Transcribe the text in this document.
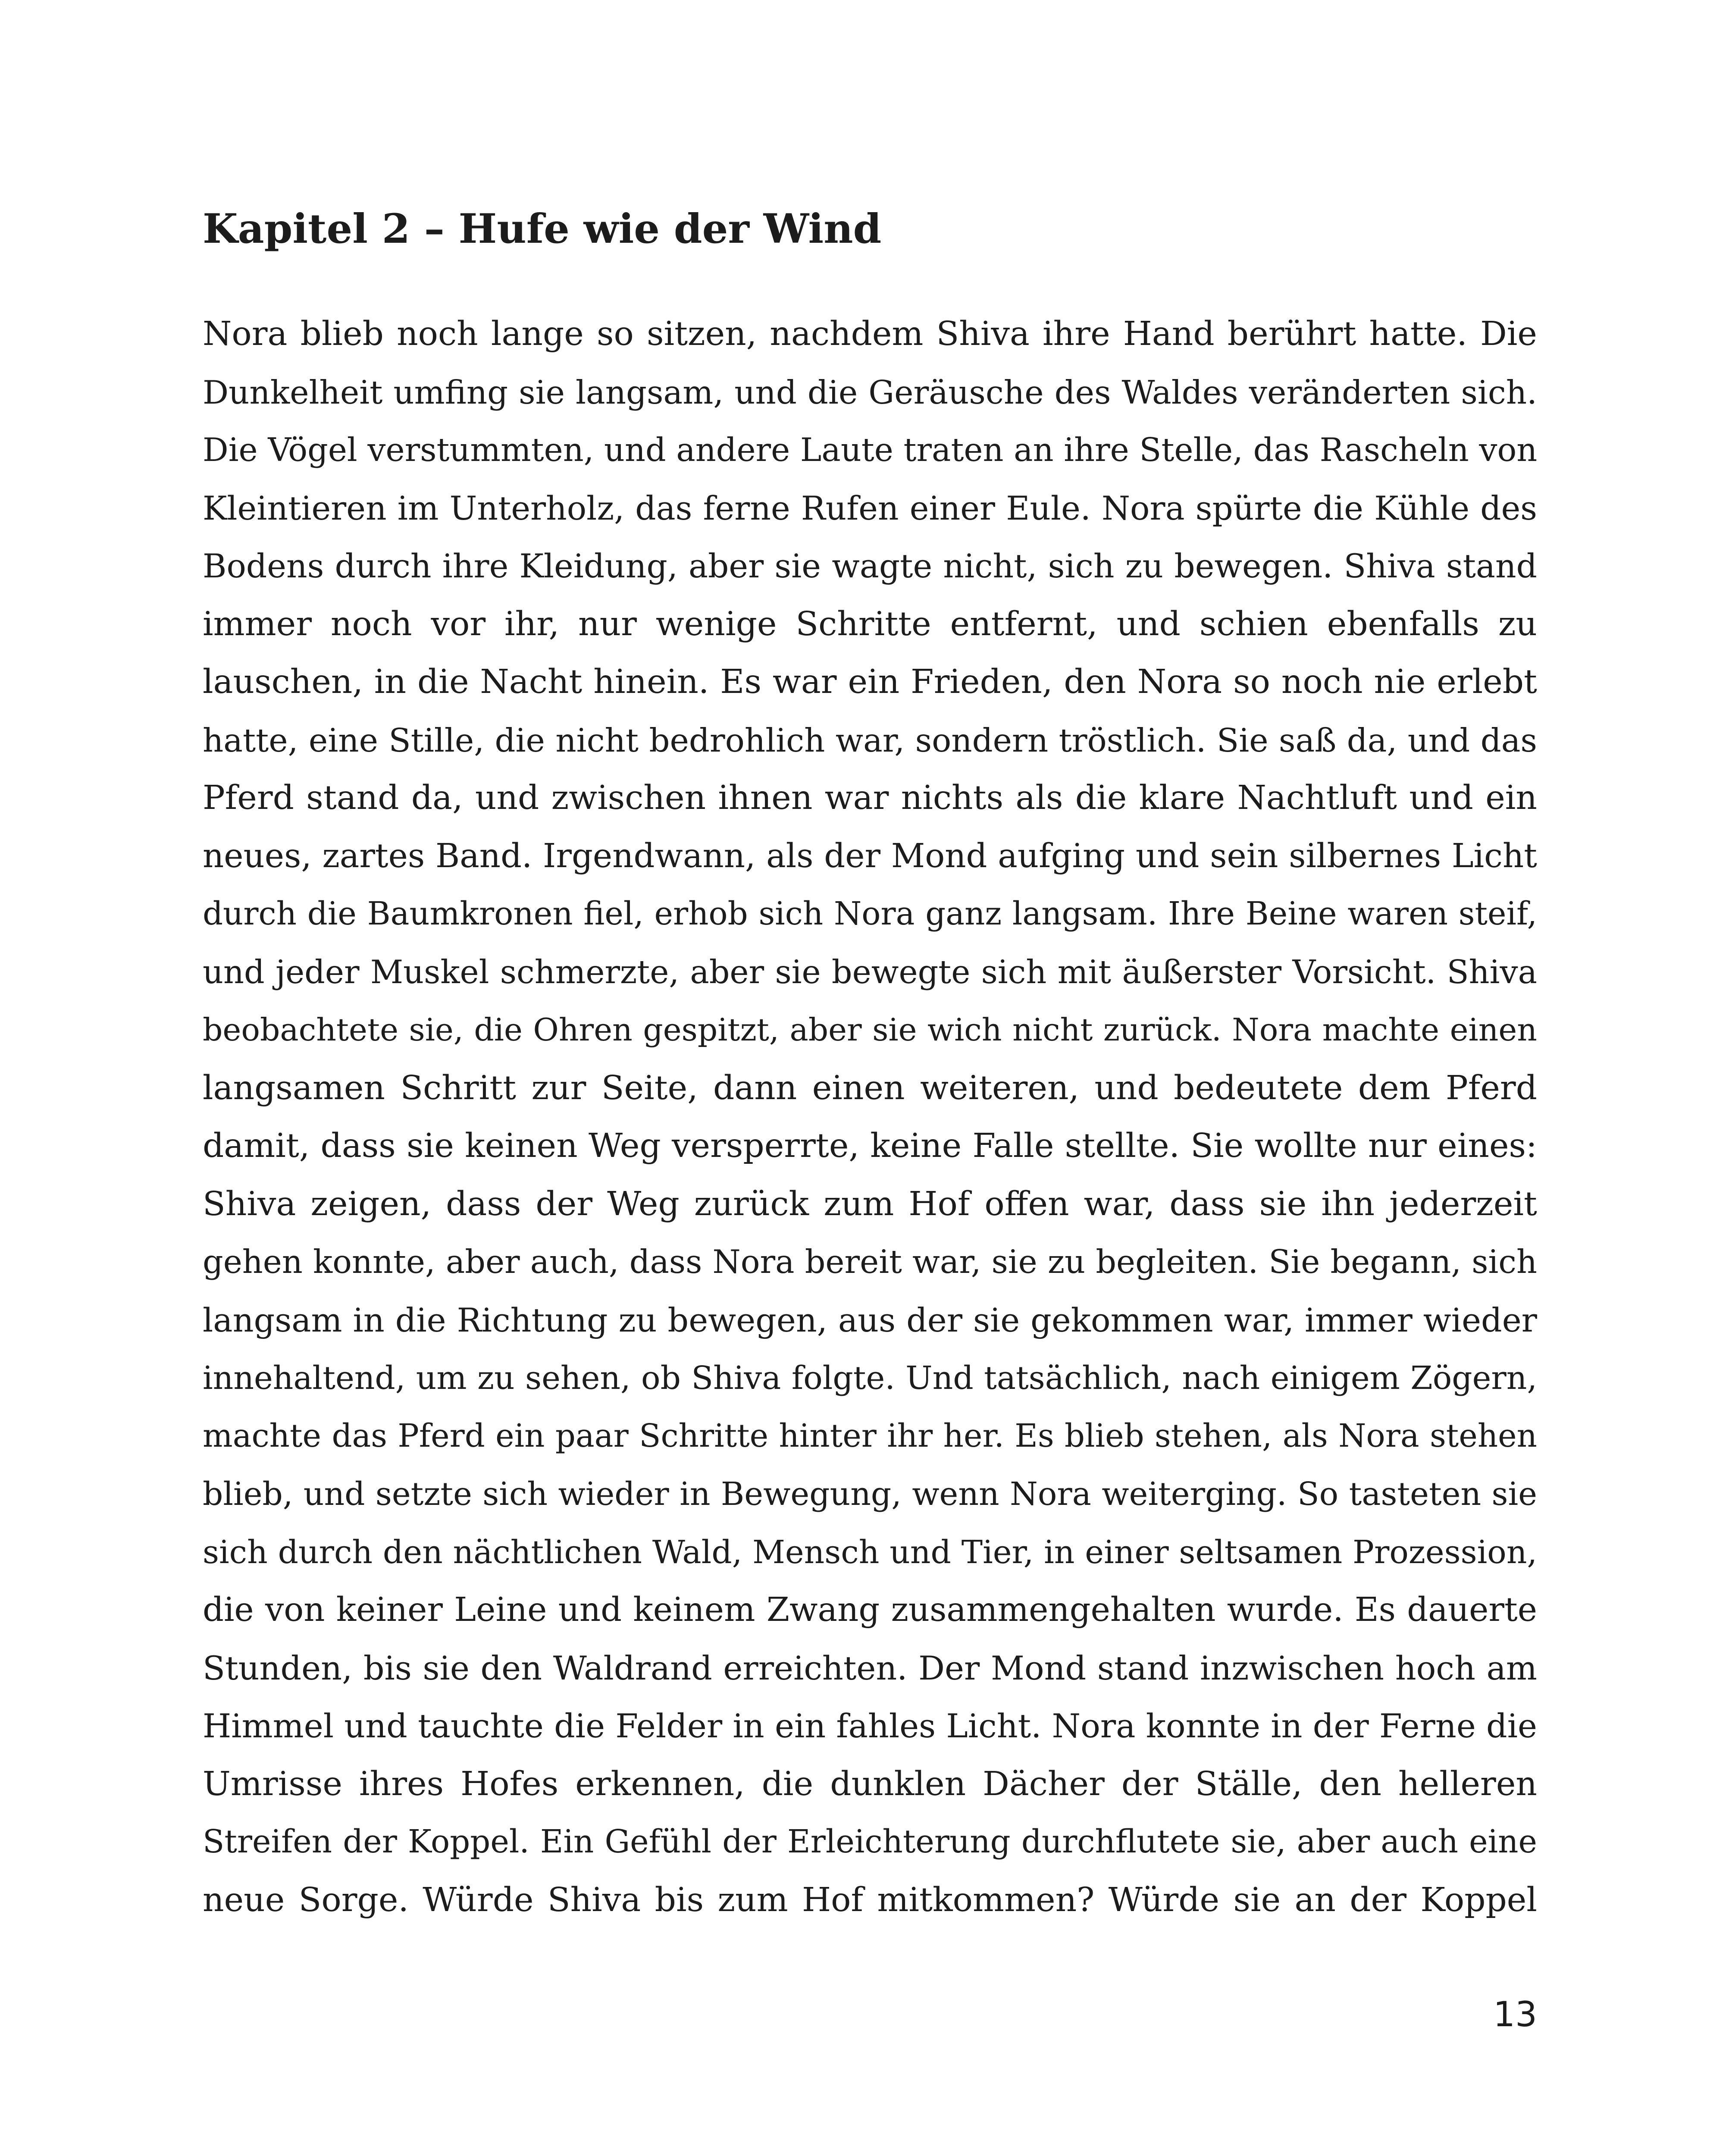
Kapitel 2 – Hufe wie der Wind
Nora blieb noch lange so sitzen, nachdem Shiva ihre Hand berührt hatte. Die
Dunkelheit umfing sie langsam, und die Geräusche des Waldes veränderten sich.
Die Vögel verstummten, und andere Laute traten an ihre Stelle, das Rascheln von
Kleintieren im Unterholz, das ferne Rufen einer Eule. Nora spürte die Kühle des
Bodens durch ihre Kleidung, aber sie wagte nicht, sich zu bewegen. Shiva stand
immer noch vor ihr, nur wenige Schritte entfernt, und schien ebenfalls zu
lauschen, in die Nacht hinein. Es war ein Frieden, den Nora so noch nie erlebt
hatte, eine Stille, die nicht bedrohlich war, sondern tröstlich. Sie saß da, und das
Pferd stand da, und zwischen ihnen war nichts als die klare Nachtluft und ein
neues, zartes Band. Irgendwann, als der Mond aufging und sein silbernes Licht
durch die Baumkronen fiel, erhob sich Nora ganz langsam. Ihre Beine waren steif,
und jeder Muskel schmerzte, aber sie bewegte sich mit äußerster Vorsicht. Shiva
beobachtete sie, die Ohren gespitzt, aber sie wich nicht zurück. Nora machte einen
langsamen Schritt zur Seite, dann einen weiteren, und bedeutete dem Pferd
damit, dass sie keinen Weg versperrte, keine Falle stellte. Sie wollte nur eines:
Shiva zeigen, dass der Weg zurück zum Hof offen war, dass sie ihn jederzeit
gehen konnte, aber auch, dass Nora bereit war, sie zu begleiten. Sie begann, sich
langsam in die Richtung zu bewegen, aus der sie gekommen war, immer wieder
innehaltend, um zu sehen, ob Shiva folgte. Und tatsächlich, nach einigem Zögern,
machte das Pferd ein paar Schritte hinter ihr her. Es blieb stehen, als Nora stehen
blieb, und setzte sich wieder in Bewegung, wenn Nora weiterging. So tasteten sie
sich durch den nächtlichen Wald, Mensch und Tier, in einer seltsamen Prozession,
die von keiner Leine und keinem Zwang zusammengehalten wurde. Es dauerte
Stunden, bis sie den Waldrand erreichten. Der Mond stand inzwischen hoch am
Himmel und tauchte die Felder in ein fahles Licht. Nora konnte in der Ferne die
Umrisse ihres Hofes erkennen, die dunklen Dächer der Ställe, den helleren
Streifen der Koppel. Ein Gefühl der Erleichterung durchflutete sie, aber auch eine
neue Sorge. Würde Shiva bis zum Hof mitkommen? Würde sie an der Koppel
13
